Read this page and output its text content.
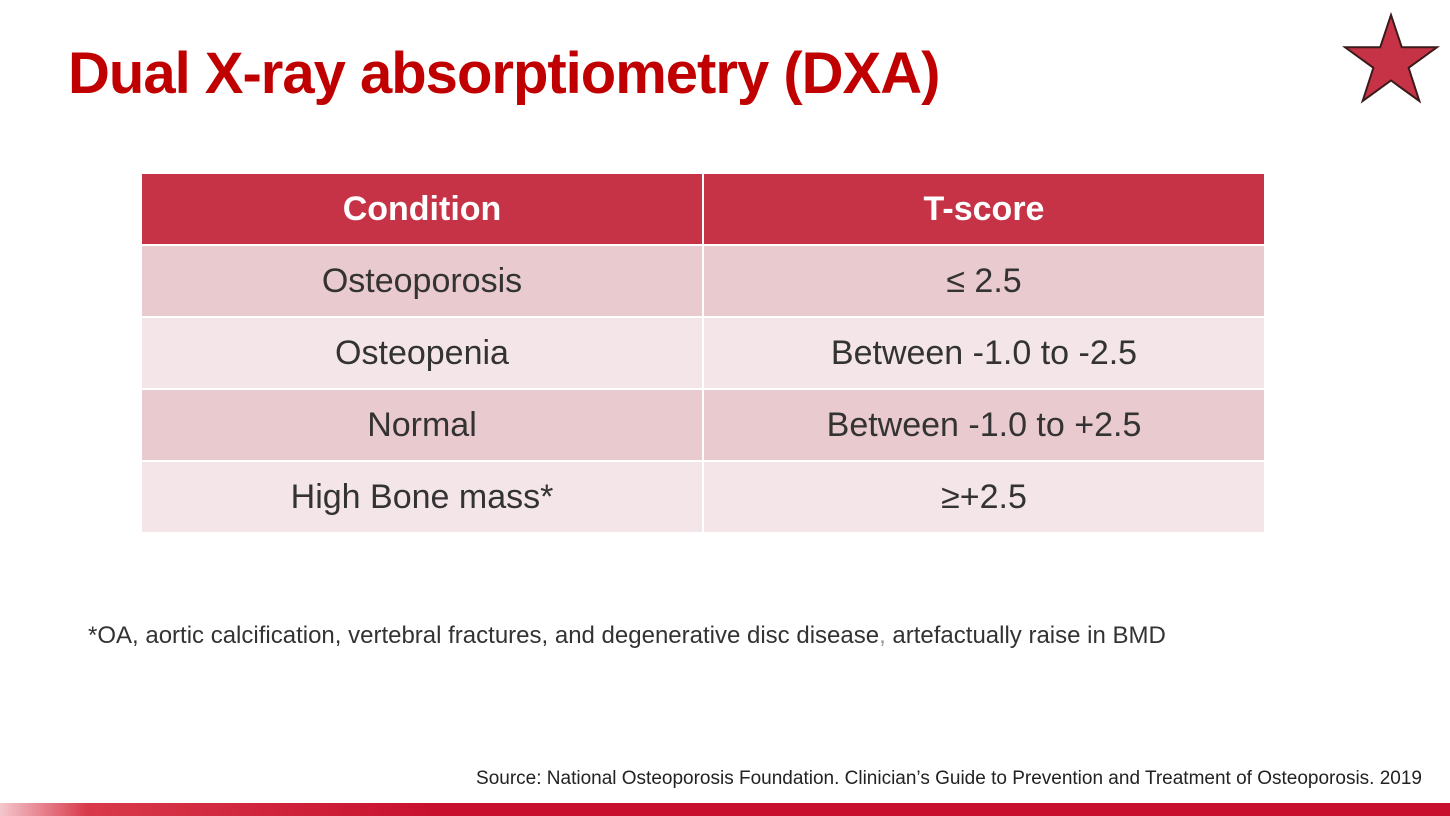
Dual X-ray absorptiometry (DXA)
Condition	T-score
Osteoporosis	≤ 2.5
Osteopenia	Between -1.0 to -2.5
Normal	Between -1.0 to +2.5
High Bone mass*	≥+2.5
*OA, aortic calcification, vertebral fractures, and degenerative disc disease, artefactually raise in BMD
Source: National Osteoporosis Foundation. Clinician’s Guide to Prevention and Treatment of Osteoporosis. 2019
